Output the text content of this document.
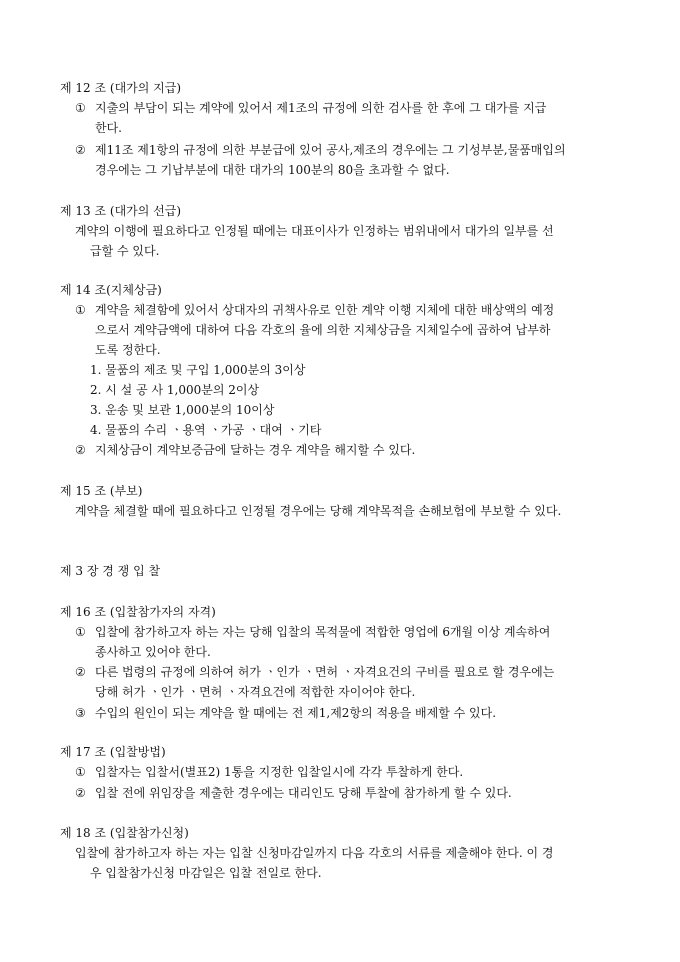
제 12 조 (대가의 지급)
① 지출의 부담이 되는 계약에 있어서 제1조의 규정에 의한 검사를 한 후에 그 대가를 지급
한다.
② 제11조 제1항의 규정에 의한 부분급에 있어 공사,제조의 경우에는 그 기성부분,물품매입의
경우에는 그 기납부분에 대한 대가의 100분의 80을 초과할 수 없다.
제 13 조 (대가의 선급)
계약의 이행에 필요하다고 인정될 때에는 대표이사가 인정하는 범위내에서 대가의 일부를 선
급할 수 있다.
제 14 조(지체상금)
① 계약을 체결함에 있어서 상대자의 귀책사유로 인한 계약 이행 지체에 대한 배상액의 예정
으로서 계약금액에 대하여 다음 각호의 율에 의한 지체상금을 지체일수에 곱하여 납부하
도록 정한다.
1. 물품의 제조 및 구입 1,000분의 3이상
2. 시 설 공 사 1,000분의 2이상
3. 운송 및 보관 1,000분의 10이상
4. 물품의 수리 ㆍ용역 ㆍ가공 ㆍ대여 ㆍ기타
② 지체상금이 계약보증금에 달하는 경우 계약을 해지할 수 있다.
제 15 조 (부보)
계약을 체결할 때에 필요하다고 인정될 경우에는 당해 계약목적을 손해보험에 부보할 수 있다.
제 3 장 경 쟁 입 찰
제 16 조 (입찰참가자의 자격)
① 입찰에 참가하고자 하는 자는 당해 입찰의 목적물에 적합한 영업에 6개월 이상 계속하여
종사하고 있어야 한다.
② 다른 법령의 규정에 의하여 허가 ㆍ인가 ㆍ면허 ㆍ자격요건의 구비를 필요로 할 경우에는
당해 허가 ㆍ인가 ㆍ면허 ㆍ자격요건에 적합한 자이어야 한다.
③ 수입의 원인이 되는 계약을 할 때에는 전 제1,제2항의 적용을 배제할 수 있다.
제 17 조 (입찰방법)
① 입찰자는 입찰서(별표2) 1통을 지정한 입찰일시에 각각 투찰하게 한다.
② 입찰 전에 위임장을 제출한 경우에는 대리인도 당해 투찰에 참가하게 할 수 있다.
제 18 조 (입찰참가신청)
입찰에 참가하고자 하는 자는 입찰 신청마감일까지 다음 각호의 서류를 제출해야 한다. 이 경
우 입찰참가신청 마감일은 입찰 전일로 한다.
